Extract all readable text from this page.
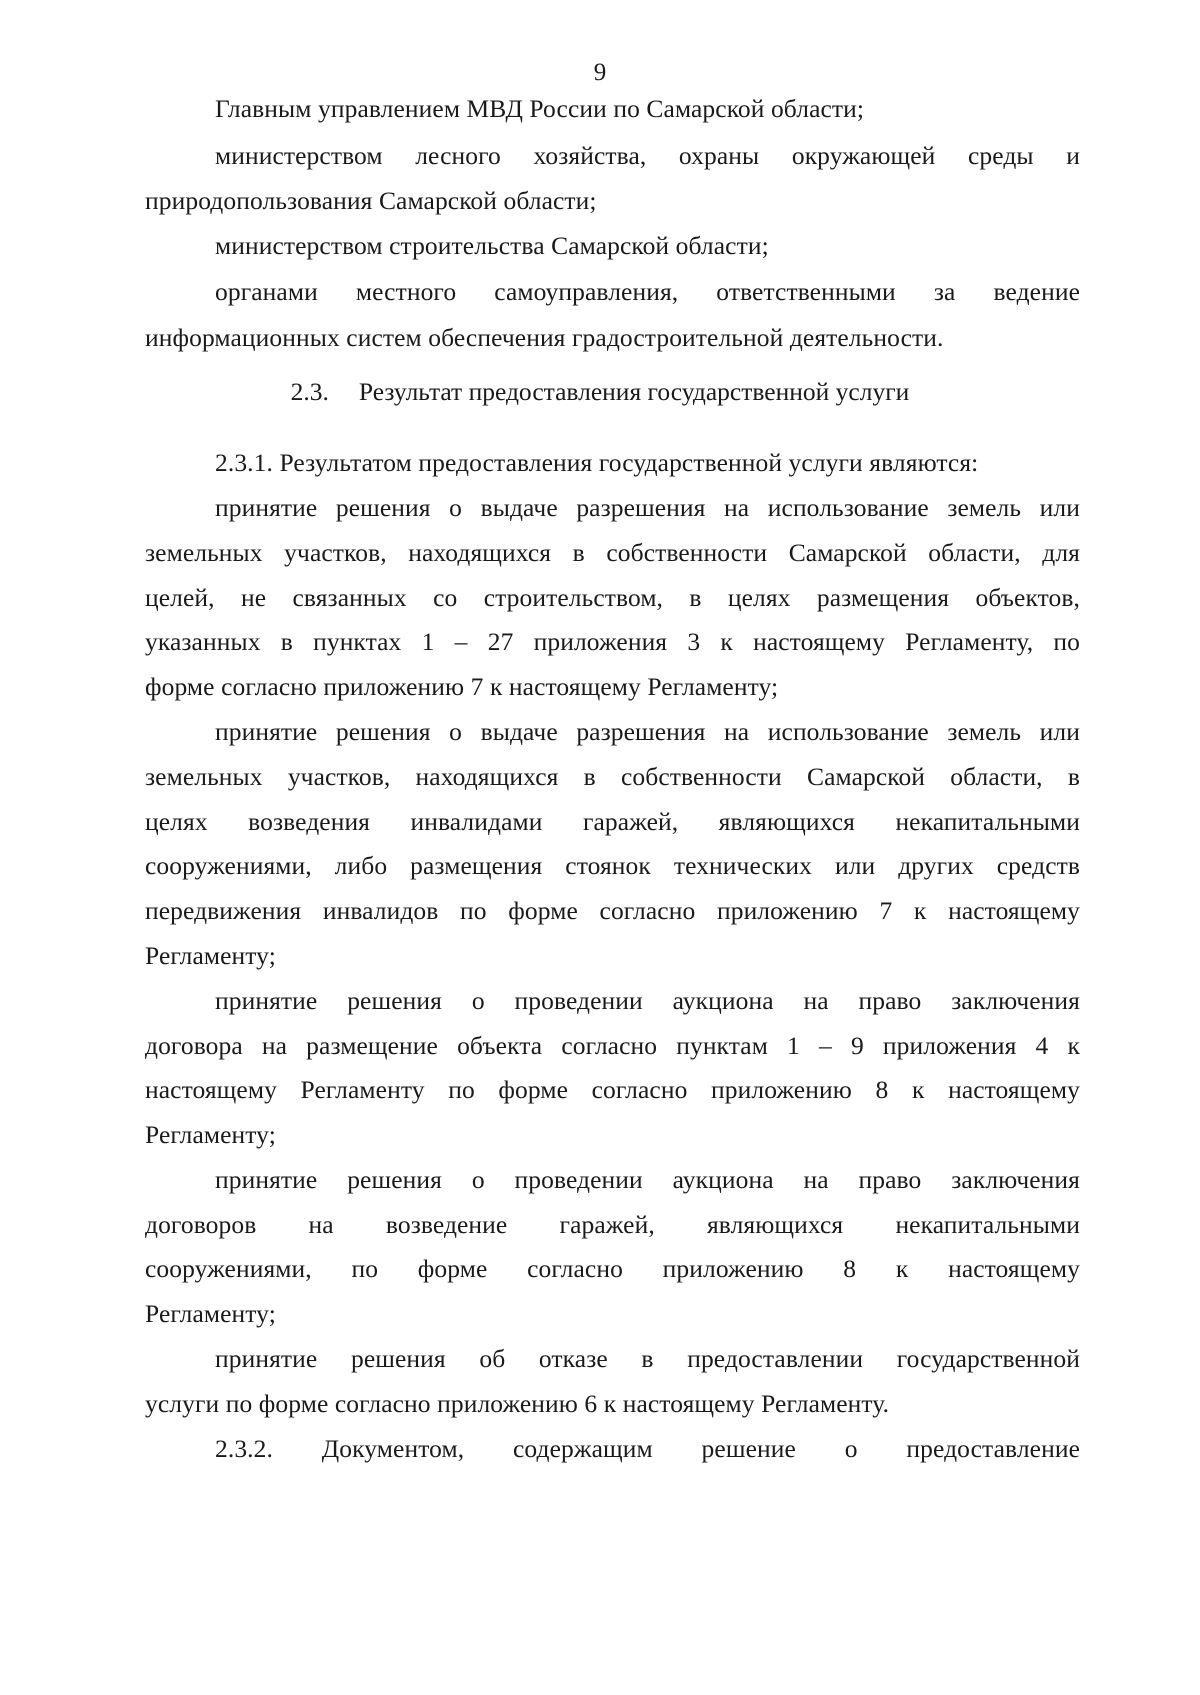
9
Главным управлением МВД России по Самарской области;
министерством лесного хозяйства, охраны окружающей среды и
природопользования Самарской области;
министерством строительства Самарской области;
органами местного самоуправления, ответственными за ведение
информационных систем обеспечения градостроительной деятельности.
2.3. Результат предоставления государственной услуги
2.3.1. Результатом предоставления государственной услуги являются:
принятие решения о выдаче разрешения на использование земель или
земельных участков, находящихся в собственности Самарской области, для
целей, не связанных со строительством, в целях размещения объектов,
указанных в пунктах 1 – 27 приложения 3 к настоящему Регламенту, по
форме согласно приложению 7 к настоящему Регламенту;
принятие решения о выдаче разрешения на использование земель или
земельных участков, находящихся в собственности Самарской области, в
целях возведения инвалидами гаражей, являющихся некапитальными
сооружениями, либо размещения стоянок технических или других средств
передвижения инвалидов по форме согласно приложению 7 к настоящему
Регламенту;
принятие решения о проведении аукциона на право заключения
договора на размещение объекта согласно пунктам 1 – 9 приложения 4 к
настоящему Регламенту по форме согласно приложению 8 к настоящему
Регламенту;
принятие решения о проведении аукциона на право заключения
договоров на возведение гаражей, являющихся некапитальными
сооружениями, по форме согласно приложению 8 к настоящему
Регламенту;
принятие решения об отказе в предоставлении государственной
услуги по форме согласно приложению 6 к настоящему Регламенту.
2.3.2. Документом, содержащим решение о предоставление
